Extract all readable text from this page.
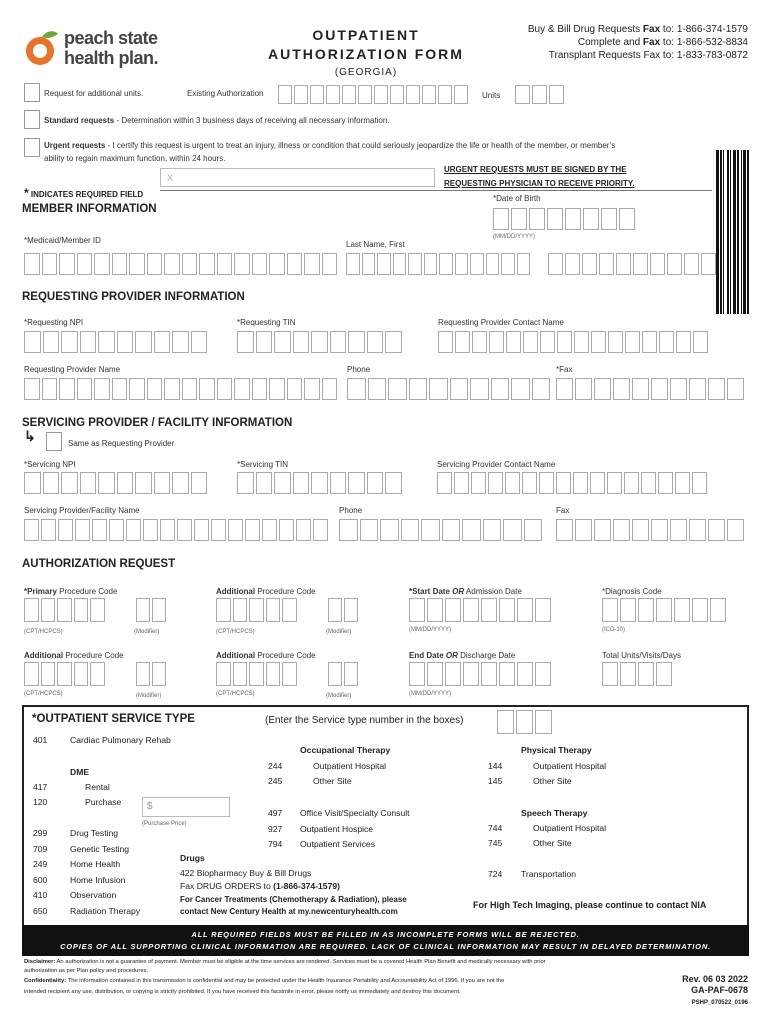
peach state
health plan.
OUTPATIENT
AUTHORIZATION FORM
(GEORGIA)
Buy & Bill Drug Requests Fax to: 1-866-374-1579
Complete and Fax to: 1-866-532-8834
Transplant Requests Fax to: 1-833-783-0872
Request for additional units.	Existing Authorization	Units
Standard requests - Determination within 3 business days of receiving all necessary information.
Urgent requests - I certify this request is urgent to treat an injury, illness or condition that could seriously jeopardize the life or health of the member, or member’s
ability to regain maximum function, within 24 hours.
X
URGENT REQUESTS MUST BE SIGNED BY THE
REQUESTING PHYSICIAN TO RECEIVE PRIORITY.
* INDICATES REQUIRED FIELD
MEMBER INFORMATION
*Date of Birth
(MM/DD/YYYY)
*Medicaid/Member ID	Last Name, First
REQUESTING PROVIDER INFORMATION
*Requesting NPI	*Requesting TIN	Requesting Provider Contact Name
Requesting Provider Name	Phone	*Fax
SERVICING PROVIDER / FACILITY INFORMATION
↳	Same as Requesting Provider
*Servicing NPI	*Servicing TIN	Servicing Provider Contact Name
Servicing Provider/Facility Name	Phone	Fax
AUTHORIZATION REQUEST
*Primary Procedure Code	Additional Procedure Code	*Start Date OR Admission Date	*Diagnosis Code
(CPT/HCPCS)	(Modifier)	(CPT/HCPCS)	(Modifier)	(MM/DD/YYYY)	(ICD-10)
Additional Procedure Code	Additional Procedure Code	End Date OR Discharge Date	Total Units/Visits/Days
(CPT/HCPCS)	(Modifier)	(CPT/HCPCS)	(Modifier)	(MM/DD/YYYY)
*OUTPATIENT SERVICE TYPE	(Enter the Service type number in the boxes)
401	Cardiac Pulmonary Rehab
DME
417	Rental
120	Purchase	$
(Purchase Price)
299	Drug Testing
709	Genetic Testing
249	Home Health
600	Home Infusion
410	Observation
650	Radiation Therapy
Occupational Therapy
244	Outpatient Hospital
245	Other Site
497 Office Visit/Specialty Consult
927 Outpatient Hospice
794 Outpatient Services
Drugs
422 Biopharmacy Buy & Bill Drugs
Fax DRUG ORDERS to (1-866-374-1579)
For Cancer Treatments (Chemotherapy & Radiation), please
contact New Century Health at my.newcenturyhealth.com
Physical Therapy
144	Outpatient Hospital
145	Other Site
Speech Therapy
744	Outpatient Hospital
745	Other Site
724 Transportation
For High Tech Imaging, please continue to contact NIA
ALL REQUIRED FIELDS MUST BE FILLED IN AS INCOMPLETE FORMS WILL BE REJECTED.
COPIES OF ALL SUPPORTING CLINICAL INFORMATION ARE REQUIRED. LACK OF CLINICAL INFORMATION MAY RESULT IN DELAYED DETERMINATION.
Disclaimer: An authorization is not a guarantee of payment. Member must be eligible at the time services are rendered. Services must be a covered Health Plan Benefit and medically necessary with prior
authorization as per Plan policy and procedures.
Confidentiality: The information contained in this transmission is confidential and may be protected under the Health Insurance Portability and Accountability Act of 1996. If you are not the
intended recipient any use, distribution, or copying is strictly prohibited. If you have received this facsimile in error, please notify us immediately and destroy this document.
Rev. 06 03 2022
GA-PAF-0678
PSHP_070522_0196
